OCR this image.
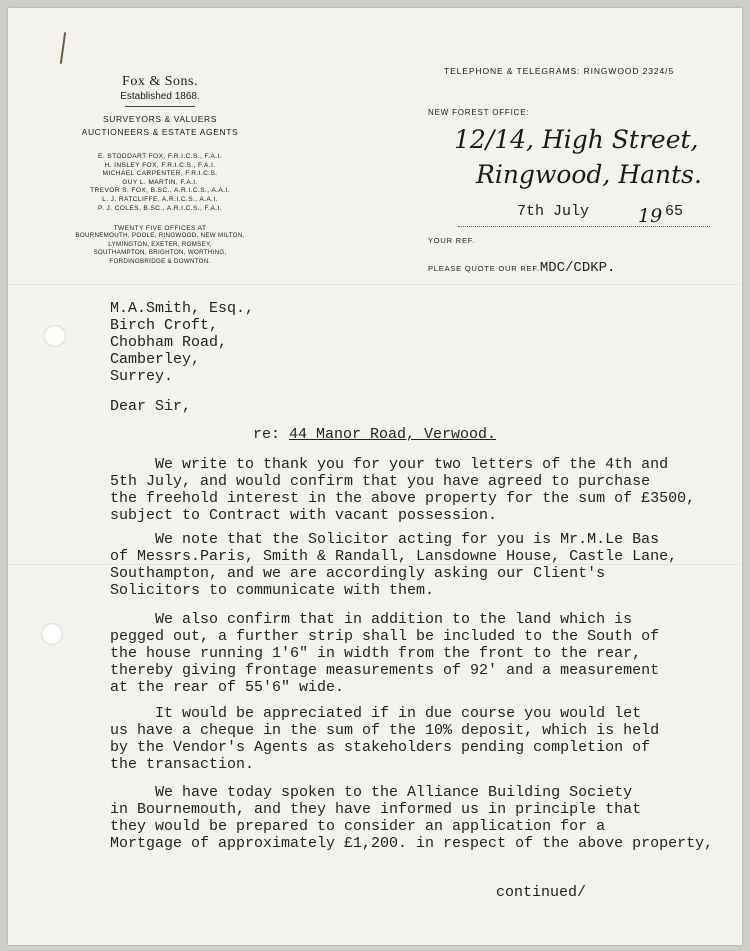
Fox & Sons.
Established 1868.
SURVEYORS & VALUERS
AUCTIONEERS & ESTATE AGENTS
E. STODDART FOX, F.R.I.C.S., F.A.I.
H. INSLEY FOX, F.R.I.C.S., F.A.I.
MICHAEL CARPENTER, F.R.I.C.S.
GUY L. MARTIN, F.A.I.
TREVOR S. FOX, B.SC., A.R.I.C.S., A.A.I.
L. J. RATCLIFFE, A.R.I.C.S., A.A.I.
P. J. COLES, B.SC., A.R.I.C.S., F.A.I.
TWENTY FIVE OFFICES AT
BOURNEMOUTH, POOLE, RINGWOOD, NEW MILTON,
LYMINGTON, EXETER, ROMSEY,
SOUTHAMPTON, BRIGHTON, WORTHING,
FORDINGBRIDGE & DOWNTON.
TELEPHONE & TELEGRAMS: RINGWOOD 2324/5
NEW FOREST OFFICE:
12/14, High Street,
Ringwood, Hants.
7th July	19 65
YOUR REF.
PLEASE QUOTE OUR REF.MDC/CDKP.
M.A.Smith, Esq.,
Birch Croft,
Chobham Road,
Camberley,
Surrey.
Dear Sir,
re: 44 Manor Road, Verwood.
We write to thank you for your two letters of the 4th and
5th July, and would confirm that you have agreed to purchase
the freehold interest in the above property for the sum of £3500,
subject to Contract with vacant possession.
We note that the Solicitor acting for you is Mr.M.Le Bas
of Messrs.Paris, Smith & Randall, Lansdowne House, Castle Lane,
Southampton, and we are accordingly asking our Client's
Solicitors to communicate with them.
We also confirm that in addition to the land which is
pegged out, a further strip shall be included to the South of
the house running 1'6" in width from the front to the rear,
thereby giving frontage measurements of 92' and a measurement
at the rear of 55'6" wide.
It would be appreciated if in due course you would let
us have a cheque in the sum of the 10% deposit, which is held
by the Vendor's Agents as stakeholders pending completion of
the transaction.
We have today spoken to the Alliance Building Society
in Bournemouth, and they have informed us in principle that
they would be prepared to consider an application for a
Mortgage of approximately £1,200. in respect of the above property,
continued/
